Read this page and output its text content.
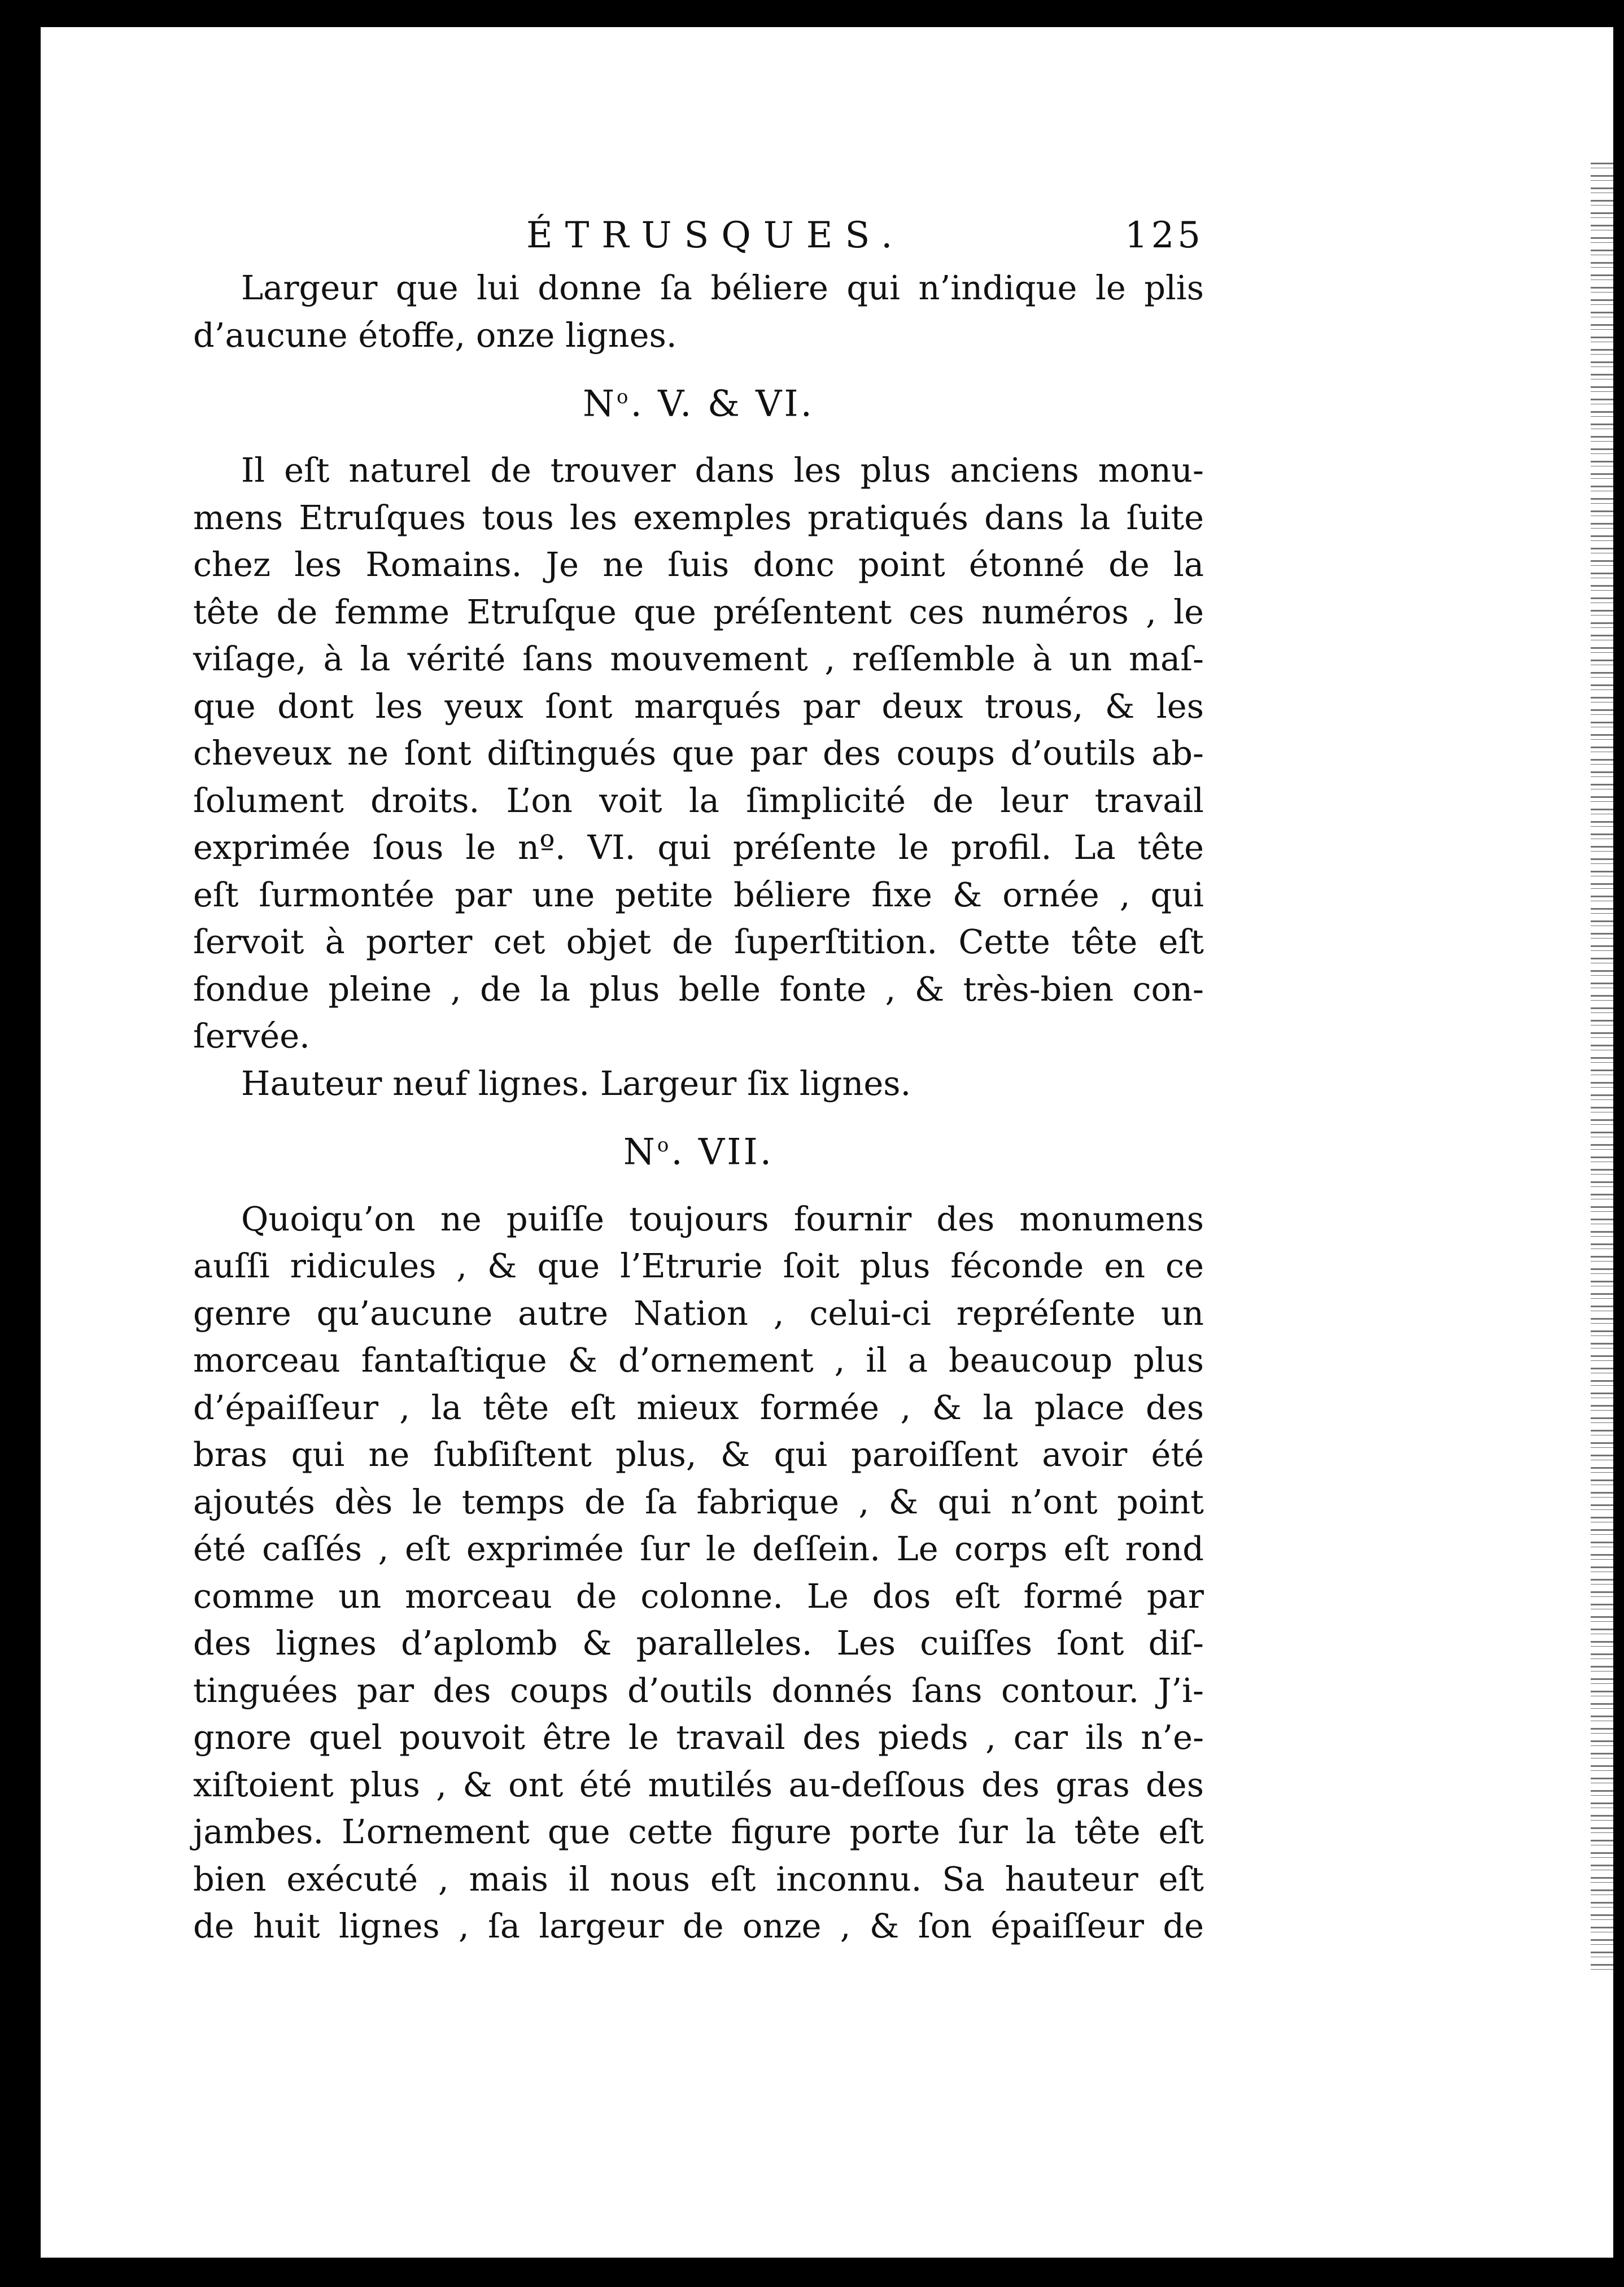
ÉTRUSQUES.	125
Largeur que lui donne ſa béliere qui n’indique le plis
d’aucune étoffe, onze lignes.
$N^o$. V. & VI.
Il eſt naturel de trouver dans les plus anciens monu-
mens Etruſques tous les exemples pratiqués dans la ſuite
chez les Romains. Je ne ſuis donc point étonné de la
tête de femme Etruſque que préſentent ces numéros , le
viſage, à la vérité ſans mouvement , reſſemble à un maſ-
que dont les yeux ſont marqués par deux trous, & les
cheveux ne ſont diſtingués que par des coups d’outils ab-
ſolument droits. L’on voit la ſimplicité de leur travail
exprimée ſous le nº. VI. qui préſente le profil. La tête
eſt ſurmontée par une petite béliere fixe & ornée , qui
ſervoit à porter cet objet de ſuperſtition. Cette tête eſt
fondue pleine , de la plus belle fonte , & très-bien con-
ſervée.
Hauteur neuf lignes. Largeur ſix lignes.
$N^o$. VII.
Quoiqu’on ne puiſſe toujours fournir des monumens
auſſi ridicules , & que l’Etrurie ſoit plus féconde en ce
genre qu’aucune autre Nation , celui-ci repréſente un
morceau fantaſtique & d’ornement , il a beaucoup plus
d’épaiſſeur , la tête eſt mieux formée , & la place des
bras qui ne ſubſiſtent plus, & qui paroiſſent avoir été
ajoutés dès le temps de ſa fabrique , & qui n’ont point
été caſſés , eſt exprimée ſur le deſſein. Le corps eſt rond
comme un morceau de colonne. Le dos eſt formé par
des lignes d’aplomb & paralleles. Les cuiſſes ſont diſ-
tinguées par des coups d’outils donnés ſans contour. J’i-
gnore quel pouvoit être le travail des pieds , car ils n’e-
xiſtoient plus , & ont été mutilés au-deſſous des gras des
jambes. L’ornement que cette figure porte ſur la tête eſt
bien exécuté , mais il nous eſt inconnu. Sa hauteur eſt
de huit lignes , ſa largeur de onze , & ſon épaiſſeur de
